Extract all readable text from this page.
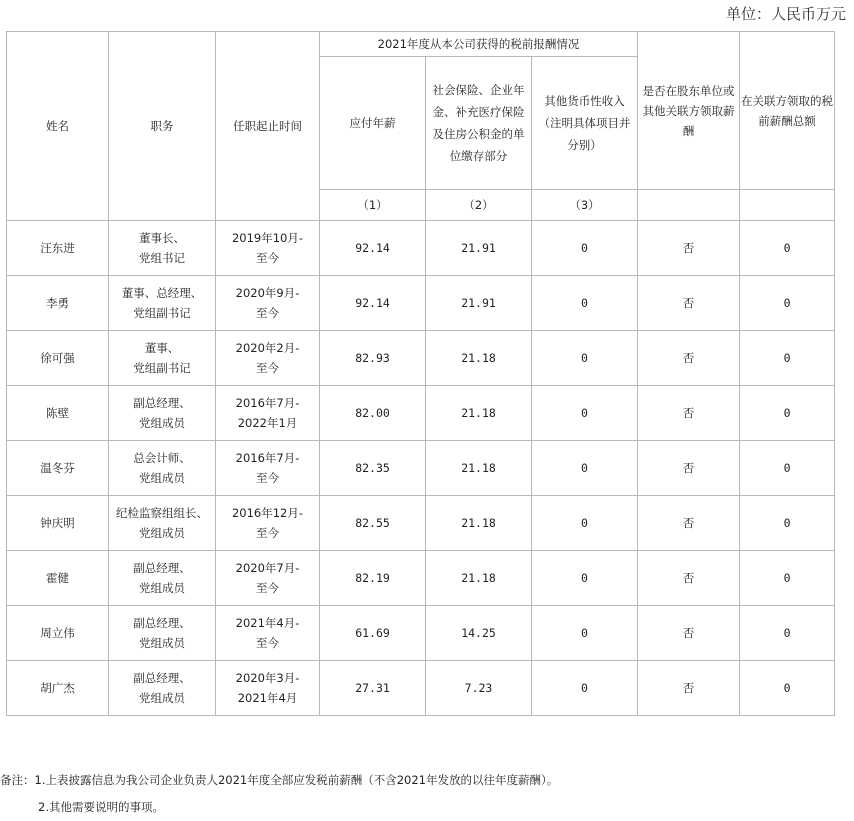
单位：人民币万元
姓名	职务	任职起止时间	2021年度从本公司获得的税前报酬情况			是否在股东单位或
其他关联方领取薪
酬	在关联方领取的税
前薪酬总额

			应付年薪	社会保险、企业年
金、补充医疗保险
及住房公积金的单
位缴存部分	其他货币性收入
（注明具体项目并
分别）		

			（1）	（2）	（3）		
汪东进	董事长、
党组书记	2019年10月-
至今	92.14	21.91	0	否	0
李勇	董事、总经理、
党组副书记	2020年9月-
至今	92.14	21.91	0	否	0
徐可强	董事、
党组副书记	2020年2月-
至今	82.93	21.18	0	否	0
陈壁	副总经理、
党组成员	2016年7月-
2022年1月	82.00	21.18	0	否	0
温冬芬	总会计师、
党组成员	2016年7月-
至今	82.35	21.18	0	否	0
钟庆明	纪检监察组组长、
党组成员	2016年12月-
至今	82.55	21.18	0	否	0
霍健	副总经理、
党组成员	2020年7月-
至今	82.19	21.18	0	否	0
周立伟	副总经理、
党组成员	2021年4月-
至今	61.69	14.25	0	否	0
胡广杰	副总经理、
党组成员	2020年3月-
2021年4月	27.31	7.23	0	否	0
备注：1.上表披露信息为我公司企业负责人2021年度全部应发税前薪酬（不含2021年发放的以往年度薪酬）。
2.其他需要说明的事项。
